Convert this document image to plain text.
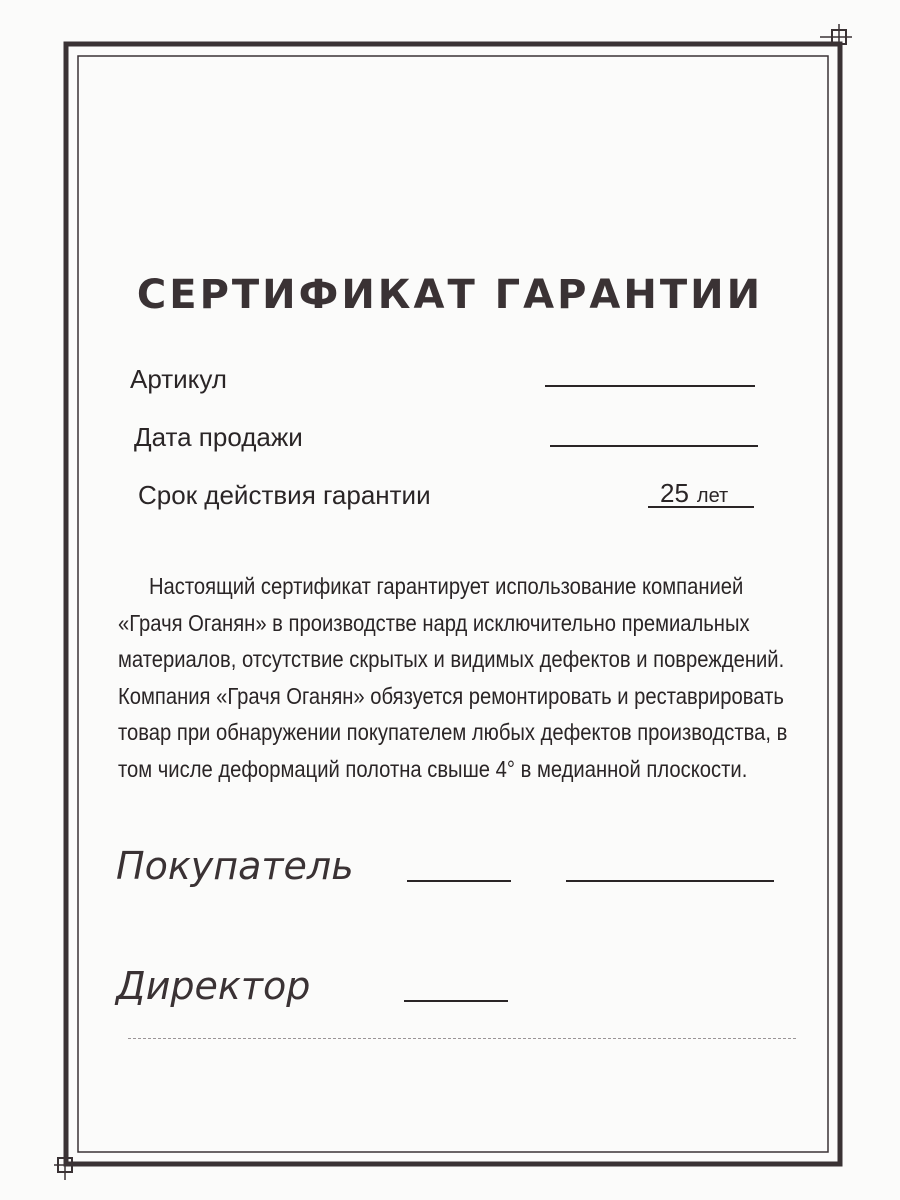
СЕРТИФИКАТ ГАРАНТИИ
Артикул
Дата продажи
Срок действия гарантии	25 лет
Настоящий сертификат гарантирует использование компанией
«Грачя Оганян» в производстве нард исключительно премиальных
материалов, отсутствие скрытых и видимых дефектов и повреждений.
Компания «Грачя Оганян» обязуется ремонтировать и реставрировать
товар при обнаружении покупателем любых дефектов производства, в
том числе деформаций полотна свыше 4° в медианной плоскости.
Покупатель
Директор
